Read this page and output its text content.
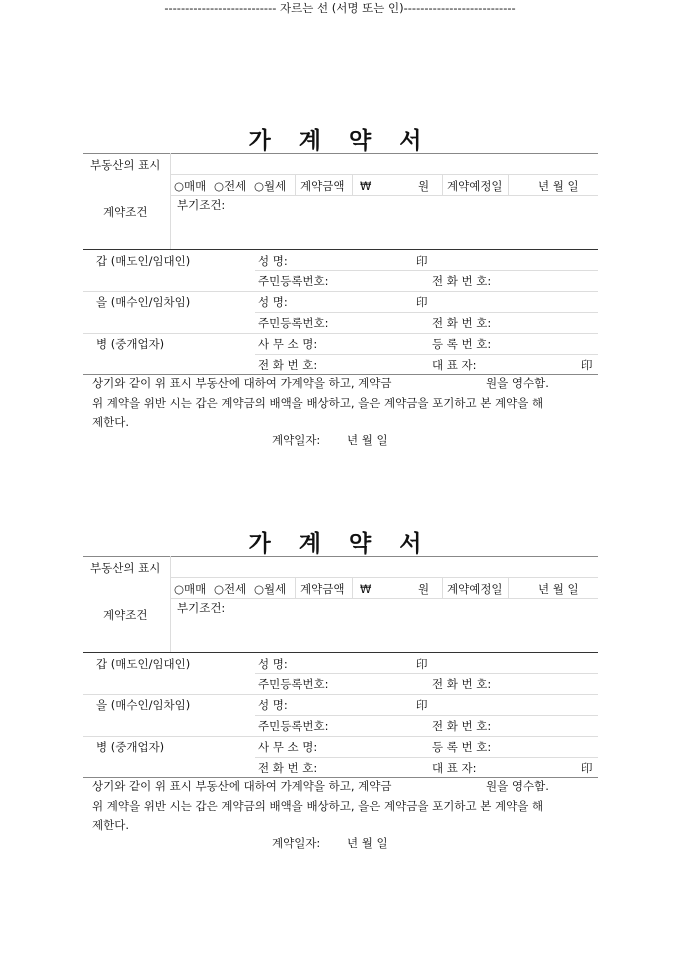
가 계 약 서
부동산의 표시
계약조건
○매매 ○전세 ○월세 계약금액 ₩	원 계약예정일	년 월 일
부기조건:
갑 (매도인/임대인)	성 명:	印
주민등록번호:	전 화 번 호:
을 (매수인/임차임)	성 명:	印
주민등록번호:	전 화 번 호:
병 (중개업자)	사 무 소 명:	등 록 번 호:
전 화 번 호:	대 표 자:	印
상기와 같이 위 표시 부동산에 대하여 가계약을 하고, 계약금	원을 영수함.
위 계약을 위반 시는 갑은 계약금의 배액을 배상하고, 을은 계약금을 포기하고 본 계약을 해
제한다.
계약일자: 년 월 일
--------------------------- 자르는 선 (서명 또는 인)---------------------------
가 계 약 서
부동산의 표시
계약조건
○매매 ○전세 ○월세 계약금액 ₩	원 계약예정일	년 월 일
부기조건:
갑 (매도인/임대인)	성 명:	印
주민등록번호:	전 화 번 호:
을 (매수인/임차임)	성 명:	印
주민등록번호:	전 화 번 호:
병 (중개업자)	사 무 소 명:	등 록 번 호:
전 화 번 호:	대 표 자:	印
상기와 같이 위 표시 부동산에 대하여 가계약을 하고, 계약금	원을 영수함.
위 계약을 위반 시는 갑은 계약금의 배액을 배상하고, 을은 계약금을 포기하고 본 계약을 해
제한다.
계약일자: 년 월 일
